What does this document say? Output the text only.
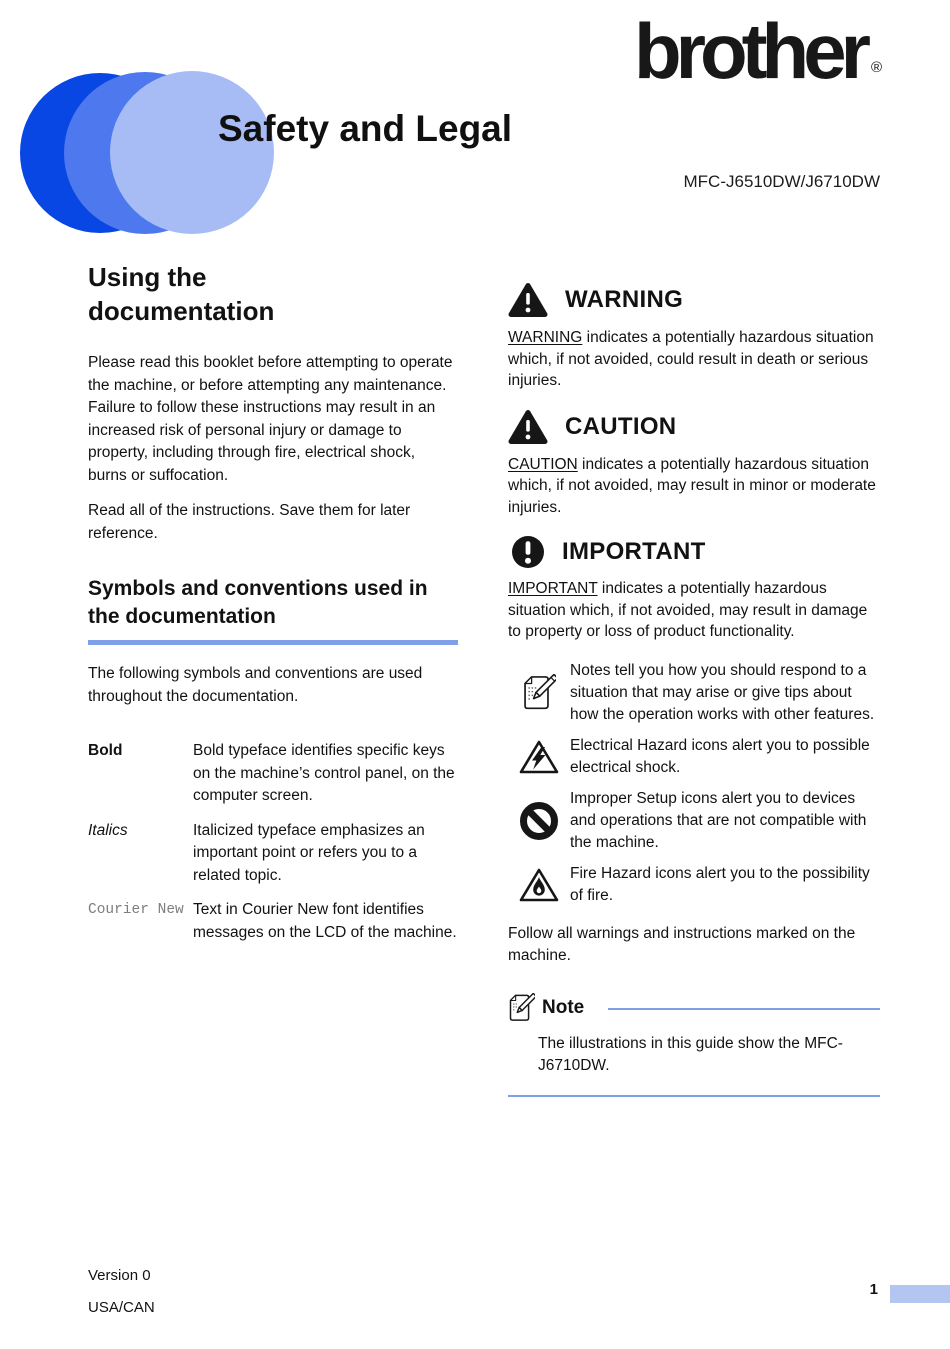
brother ®
Safety and Legal
MFC-J6510DW/J6710DW
Using the documentation

Please read this booklet before attempting to operate the machine, or before attempting any maintenance. Failure to follow these instructions may result in an increased risk of personal injury or damage to property, including through fire, electrical shock, burns or suffocation.

Read all of the instructions. Save them for later reference.

Symbols and conventions used in the documentation

The following symbols and conventions are used throughout the documentation.

Bold	Bold typeface identifies specific keys on the machine’s control panel, on the computer screen.
Italics	Italicized typeface emphasizes an important point or refers you to a related topic.
Courier New Text in Courier New font identifies messages on the LCD of the machine.
WARNING

WARNING indicates a potentially hazardous situation which, if not avoided, could result in death or serious injuries.

CAUTION

CAUTION indicates a potentially hazardous situation which, if not avoided, may result in minor or moderate injuries.

IMPORTANT

IMPORTANT indicates a potentially hazardous situation which, if not avoided, may result in damage to property or loss of product functionality.

Notes tell you how you should respond to a situation that may arise or give tips about how the operation works with other features.
Electrical Hazard icons alert you to possible electrical shock.
Improper Setup icons alert you to devices and operations that are not compatible with the machine.
Fire Hazard icons alert you to the possibility of fire.

Follow all warnings and instructions marked on the machine.

Note

The illustrations in this guide show the MFC-J6710DW.

Version 0
USA/CAN
1
